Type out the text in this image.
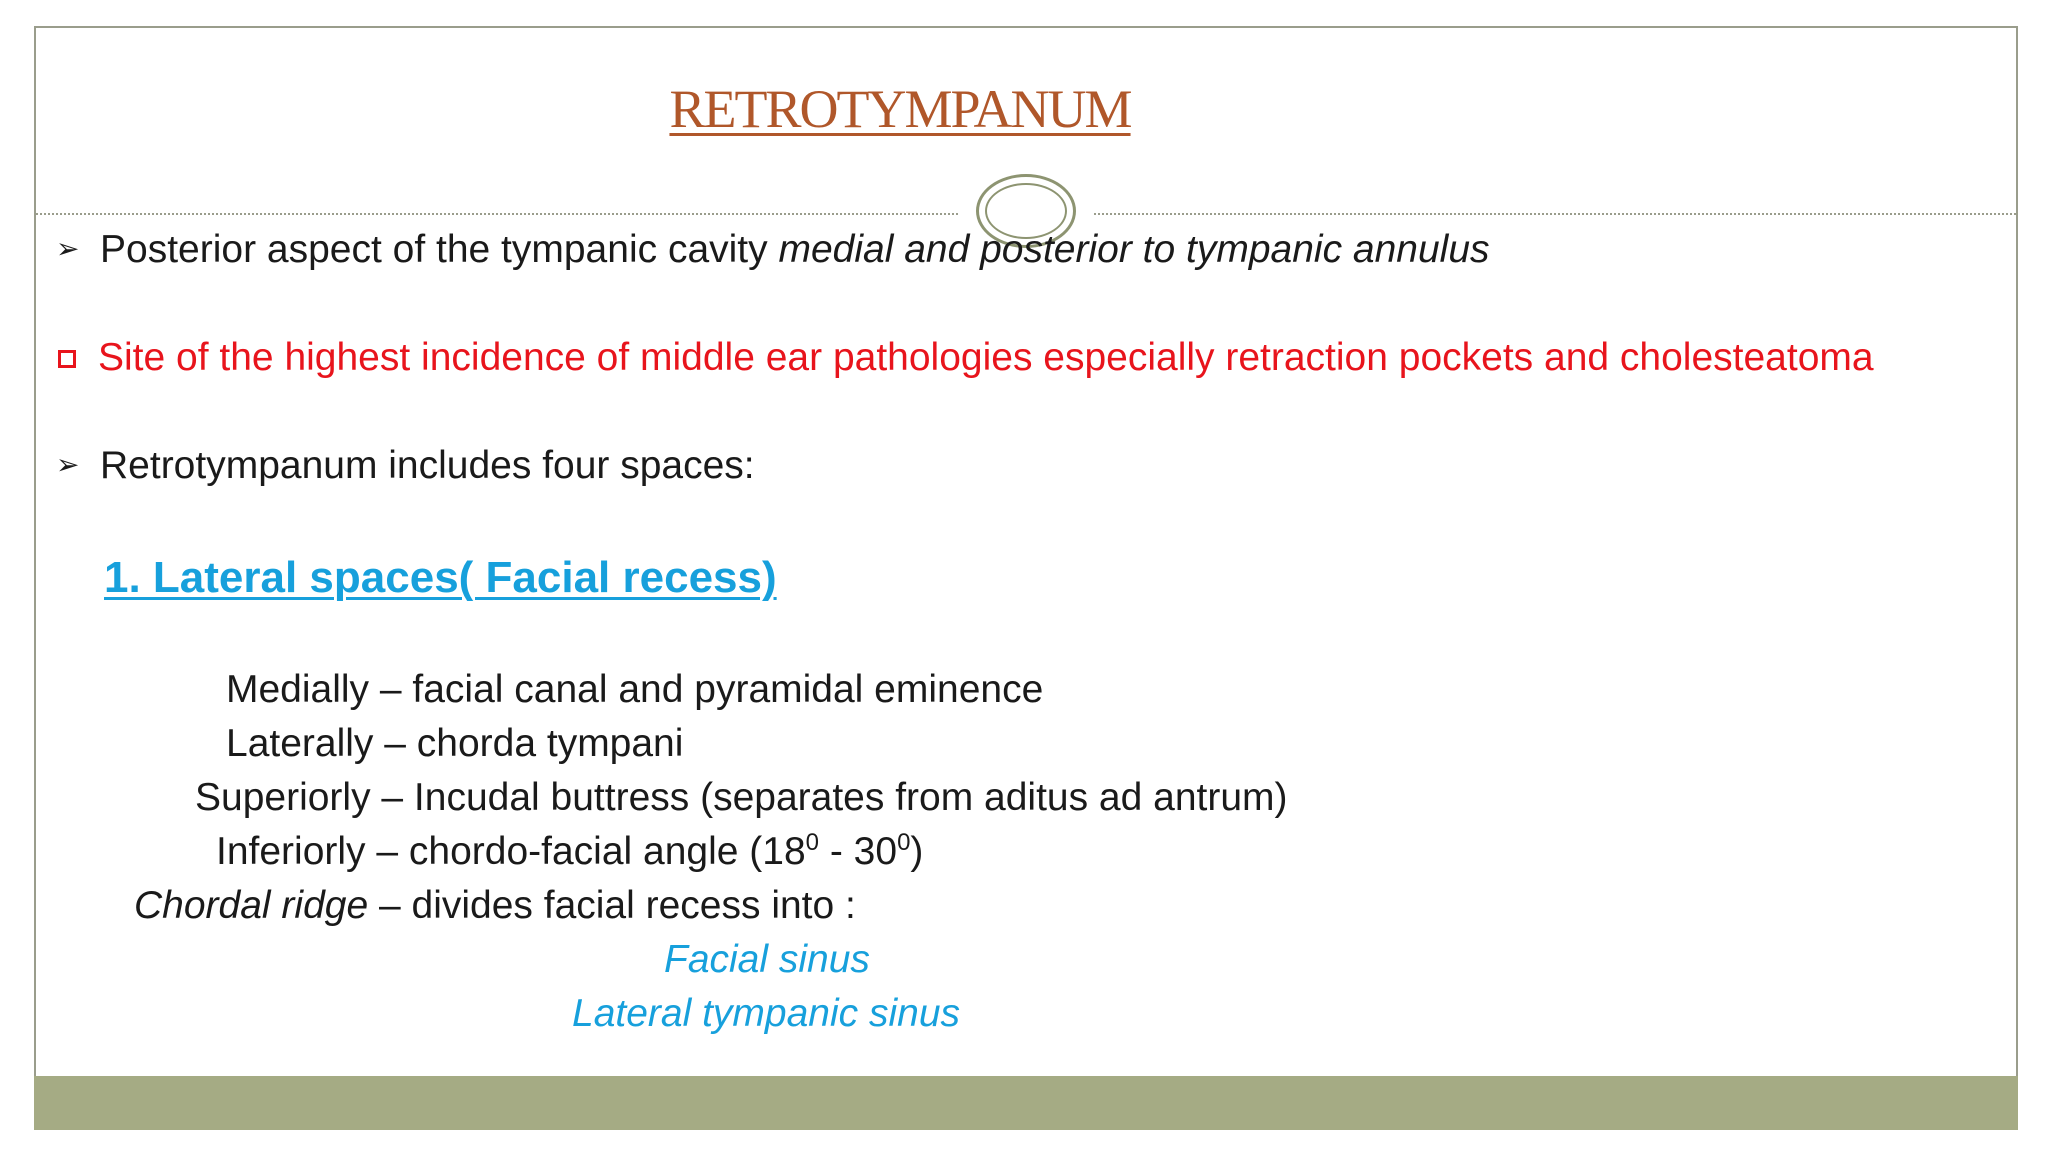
RETROTYMPANUM
➢ Posterior aspect of the tympanic cavity medial and posterior to tympanic annulus
Site of the highest incidence of middle ear pathologies especially retraction pockets and cholesteatoma
➢ Retrotympanum includes four spaces:
1. Lateral spaces( Facial recess)
Medially – facial canal and pyramidal eminence
Laterally – chorda tympani
Superiorly – Incudal buttress (separates from aditus ad antrum)
Inferiorly – chordo-facial angle $(18^0 - 30^0)$
Chordal ridge – divides facial recess into :
Facial sinus
Lateral tympanic sinus
